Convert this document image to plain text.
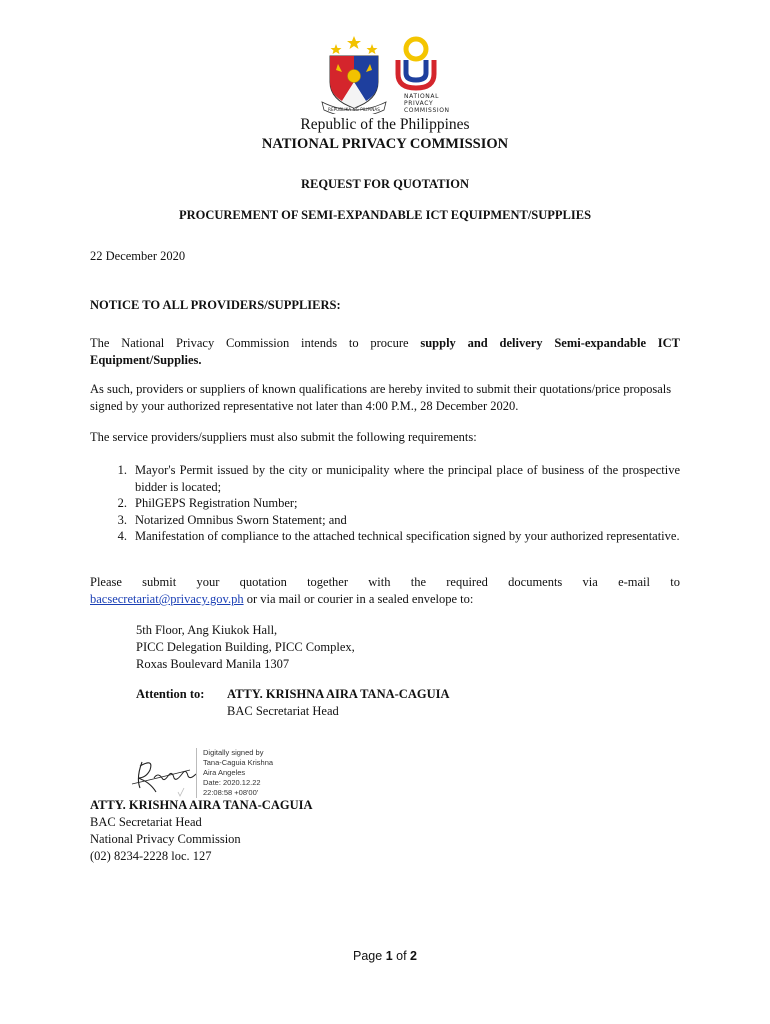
REPUBLIKA NG PILIPINAS
NATIONAL
PRIVACY
COMMISSION
Republic of the Philippines
NATIONAL PRIVACY COMMISSION
REQUEST FOR QUOTATION
PROCUREMENT OF SEMI-EXPANDABLE ICT EQUIPMENT/SUPPLIES
22 December 2020
NOTICE TO ALL PROVIDERS/SUPPLIERS:
The National Privacy Commission intends to procure supply and delivery Semi-expandable ICT Equipment/Supplies.
As such, providers or suppliers of known qualifications are hereby invited to submit their quotations/price proposals signed by your authorized representative not later than 4:00 P.M., 28 December 2020.
The service providers/suppliers must also submit the following requirements:
1. Mayor's Permit issued by the city or municipality where the principal place of business of the prospective bidder is located;
2. PhilGEPS Registration Number;
3. Notarized Omnibus Sworn Statement; and
4. Manifestation of compliance to the attached technical specification signed by your authorized representative.
Please submit your quotation together with the required documents via e-mail to
bacsecretariat@privacy.gov.ph or via mail or courier in a sealed envelope to:
5th Floor, Ang Kiukok Hall,
PICC Delegation Building, PICC Complex,
Roxas Boulevard Manila 1307
Attention to:	ATTY. KRISHNA AIRA TANA-CAGUIA
BAC Secretariat Head
Digitally signed by
Tana-Caguia Krishna
Aira Angeles
Date: 2020.12.22
22:08:58 +08'00'
ATTY. KRISHNA AIRA TANA-CAGUIA
BAC Secretariat Head
National Privacy Commission
(02) 8234-2228 loc. 127
Page 1 of 2
